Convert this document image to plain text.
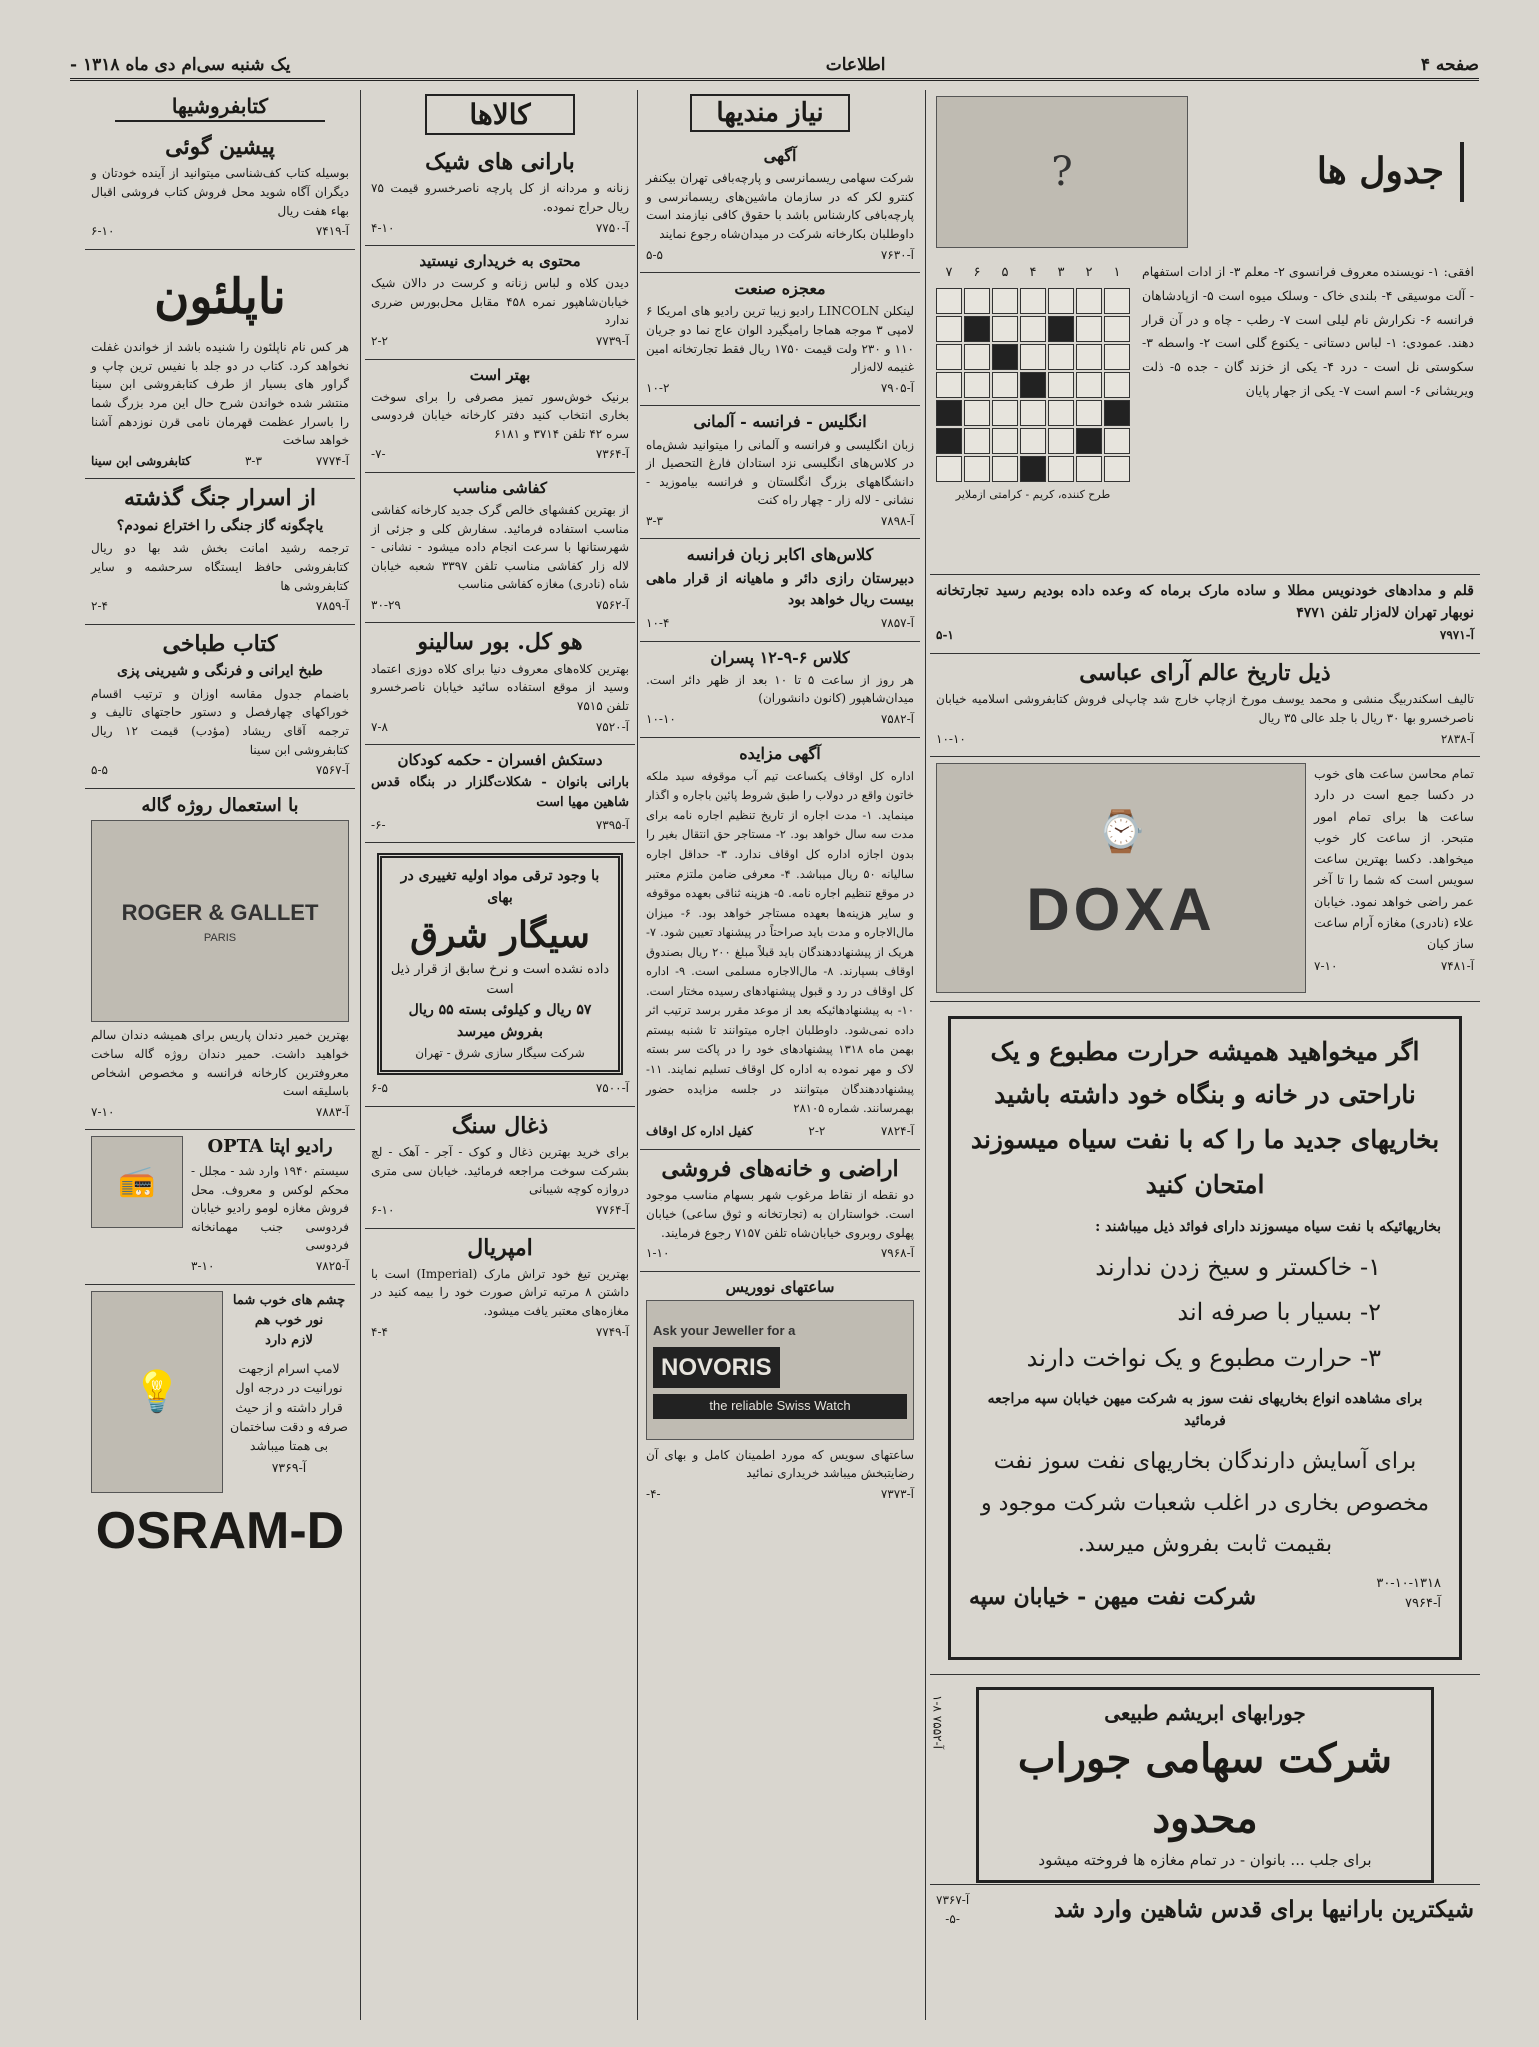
صفحه ۴
اطلاعات
یک شنبه سی‌ام دی ماه ۱۳۱۸ -
جدول ها
?
افقی: ۱- نویسنده معروف فرانسوی ۲- معلم ۳- از ادات استفهام - آلت موسیقی ۴- بلندی خاک - وسلک میوه است ۵- ازپادشاهان فرانسه ۶- نکرارش نام لیلی است ۷- رطب - چاه و در آن قرار دهند. عمودی: ۱- لباس دستانی - یکنوع گلی است ۲- واسطه ۳- سکوستی نل است - درد ۴- یکی از خزند گان - جده ۵- ذلت ویریشانی ۶- اسم است ۷- یکی از جهار پایان
۷	۶	۵	۴	۳	۲	۱
طرح کننده، کریم - کرامتی ازملایر

قلم و مدادهای خودنویس مطلا و ساده مارک برماه که وعده داده بودیم رسید تجارتخانه نوبهار تهران لاله‌زار تلفن ۴۷۷۱

آ-۷۹۷۱
۵-۱
ذیل تاریخ عالم آرای عباسی

تالیف اسکندربیگ منشی و محمد یوسف مورخ ازچاپ خارج شد چاپ‌لی فروش کتابفروشی اسلامیه خیابان ناصرخسرو بها ۳۰ ریال با جلد عالی ۳۵ ریال

آ-۲۸۳۸
۱۰-۱۰

تمام محاسن ساعت های خوب در دکسا جمع است در دارد ساعت ها برای تمام امور متبحر. از ساعت کار خوب میخواهد. دکسا بهترین ساعت سویس است که شما را تا آخر عمر راضی خواهد نمود. خیابان علاء (نادری) مغازه آرام ساعت ساز کیان

آ-۷۴۸۱
۷-۱۰
⌚
DOXA
اگر میخواهید همیشه حرارت مطبوع و یک
ناراحتی در خانه و بنگاه خود داشته باشید
بخاریهای جدید ما را که با نفت سیاه میسوزند
امتحان کنید
بخاریهائیکه با نفت سیاه میسوزند دارای فوائد ذیل میباشند :
۱- خاکستر و سیخ زدن ندارند
۲- بسیار با صرفه اند
۳- حرارت مطبوع و یک نواخت دارند
برای مشاهده انواع بخاریهای نفت سوز به شرکت میهن خیابان سپه مراجعه فرمائید
برای آسایش دارندگان بخاریهای نفت سوز نفت مخصوص بخاری در اغلب شعبات شرکت موجود و بقیمت ثابت بفروش میرسد.
۳۰-۱۰-۱۳۱۸
آ-۷۹۶۴
شرکت نفت میهن - خیابان سپه
آ-۷۵۵۲ ۸-۱	جورابهای ابریشم طبیعی
شرکت سهامی جوراب محدود
برای جلب ... بانوان - در تمام مغازه ها فروخته میشود
شیکترین بارانیها برای قدس شاهین وارد شد
آ-۷۳۶۷
-۵-
نیاز مندیها
آگهی

شرکت سهامی ریسمانرسی و پارچه‌بافی تهران بیکنفر کنترو لکر که در سازمان ماشین‌های ریسمانرسی و پارچه‌بافی کارشناس باشد با حقوق کافی نیازمند است داوطلبان بکارخانه شرکت در میدان‌شاه رجوع نمایند

آ-۷۶۳۰
۵-۵
معجزه صنعت

لینکلن LINCOLN رادیو زیبا ترین رادیو های امریکا ۶ لامپی ۳ موجه هماجا رامیگیرد الوان عاج نما دو جریان ۱۱۰ و ۲۳۰ ولت قیمت ۱۷۵۰ ریال فقط تجارتخانه امین غنیمه لاله‌زار

آ-۷۹۰۵
۱۰-۲
انگلیس - فرانسه - آلمانی

زبان انگلیسی و فرانسه و آلمانی را میتوانید شش‌ماه در کلاس‌های انگلیسی نزد استادان فارغ التحصیل از دانشگاههای بزرگ انگلستان و فرانسه بیاموزید - نشانی - لاله زار - چهار راه کنت

آ-۷۸۹۸
۳-۳
کلاس‌های اکابر زبان فرانسه

دبیرستان رازی دائر و ماهیانه از قرار ماهی بیست ریال خواهد بود

آ-۷۸۵۷
۱۰-۴
کلاس ۶-۹-۱۲ پسران

هر روز از ساعت ۵ تا ۱۰ بعد از ظهر دائر است. میدان‌شاهپور (کانون دانشوران)

آ-۷۵۸۲
۱۰-۱۰
آگهی مزایده

اداره کل اوقاف یکساعت تیم آب موقوفه سید ملکه خاتون واقع در دولاب را طبق شروط پائین باجاره و اگذار مینماید. ۱- مدت اجاره از تاریخ تنظیم اجاره نامه برای مدت سه سال خواهد بود. ۲- مستاجر حق انتقال بغیر را بدون اجازه اداره کل اوقاف ندارد. ۳- حداقل اجاره سالیانه ۵۰ ریال میباشد. ۴- معرفی ضامن ملتزم معتبر در موقع تنظیم اجاره نامه. ۵- هزینه ثناقی بعهده موقوفه و سایر هزینه‌ها بعهده مستاجر خواهد بود. ۶- میزان مال‌الاجاره و مدت باید صراحتاً در پیشنهاد تعیین شود. ۷- هریک از پیشنهاددهندگان باید قبلاً مبلغ ۲۰۰ ریال بصندوق اوقاف بسپارند. ۸- مال‌الاجاره مسلمی است. ۹- اداره کل اوقاف در رد و قبول پیشنهادهای رسیده مختار است. ۱۰- به پیشنهادهائیکه بعد از موعد مقرر برسد ترتیب اثر داده نمی‌شود. داوطلبان اجاره میتوانند تا شنبه بیستم بهمن ماه ۱۳۱۸ پیشنهادهای خود را در پاکت سر بسته لاک و مهر نموده به اداره کل اوقاف تسلیم نمایند. ۱۱- پیشنهاددهندگان میتوانند در جلسه مزایده حضور بهمرسانند. شماره ۲۸۱۰۵

آ-۷۸۲۴
۲-۲
کفیل اداره کل اوقاف
اراضی و خانه‌های فروشی

دو نقطه از نقاط مرغوب شهر بسهام مناسب موجود است. خواستاران به (تجارتخانه و ثوق ساعی) خیابان پهلوی روبروی خیابان‌شاه تلفن ۷۱۵۷ رجوع فرمایند.

آ-۷۹۶۸
۱-۱۰
ساعتهای نووریس
Ask your Jeweller for a
NOVORIS
the reliable Swiss Watch

ساعتهای سویس که مورد اطمینان کامل و بهای آن رضایتبخش میباشد خریداری نمائید

آ-۷۳۷۳
-۴-
کالاها
بارانی های شیک

زنانه و مردانه از کل پارچه ناصرخسرو قیمت ۷۵ ریال حراج نموده.

آ-۷۷۵۰
۴-۱۰
محتوی به خریداری نیستید

دیدن کلاه و لباس زنانه و کرست در دالان شیک خیابان‌شاهپور نمره ۴۵۸ مقابل محل‌بورس ضرری ندارد

آ-۷۷۳۹
۲-۲
بهتر است

برنیک خوش‌سور تمیز مصرفی را برای سوخت بخاری انتخاب کنید دفتر کارخانه خیابان فردوسی سره ۴۲ تلفن ۳۷۱۴ و ۶۱۸۱

آ-۷۳۶۴
-۷-
کفاشی مناسب

از بهترین کفشهای خالص گرک جدید کارخانه کفاشی مناسب استفاده فرمائید. سفارش کلی و جزئی از شهرستانها با سرعت انجام داده میشود - نشانی - لاله زار کفاشی مناسب تلفن ۳۳۹۷ شعبه خیابان شاه (نادری) مغازه کفاشی مناسب

آ-۷۵۶۲
۳۰-۲۹
هو کل. بور سالینو

بهترین کلاه‌های معروف دنیا برای کلاه دوزی اعتماد وسید از موقع استفاده سائید خیابان ناصرخسرو تلفن ۷۵۱۵

آ-۷۵۲۰
۷-۸
دستکش افسران - حکمه کودکان

بارانی بانوان - شکلات‌گلزار در بنگاه قدس شاهین مهیا است

آ-۷۳۹۵
-۶-
با وجود ترقی مواد اولیه تغییری در بهای
سیگار شرق
داده نشده است و نرخ سابق از قرار ذیل است
۵۷ ریال و کیلوئی بسته ۵۵ ریال بفروش میرسد
شرکت سیگار سازی شرق - تهران
آ-۷۵۰۰
۶-۵
ذغال سنگ

برای خرید بهترین ذغال و کوک - آجر - آهک - لچ بشرکت سوخت مراجعه فرمائید. خیابان سی متری دروازه کوچه شیبانی

آ-۷۷۶۴
۶-۱۰
امپریال

بهترین تیغ خود تراش مارک (Imperial) است با داشتن ۸ مرتبه تراش صورت خود را بیمه کنید در مغازه‌های معتبر یافت میشود.

آ-۷۷۴۹
۴-۴
کتابفروشیها
پیشین گوئی

بوسیله کتاب کف‌شناسی میتوانید از آینده خودتان و دیگران آگاه شوید محل فروش کتاب فروشی اقبال بهاء هفت ریال

آ-۷۴۱۹
۶-۱۰
ناپلئون

هر کس نام ناپلئون را شنیده باشد از خواندن غفلت نخواهد کرد. کتاب در دو جلد با نفیس ترین چاپ و گراور های بسیار از طرف کتابفروشی ابن سینا منتشر شده خواندن شرح حال این مرد بزرگ شما را باسرار عظمت قهرمان نامی قرن نوزدهم آشنا خواهد ساخت

آ-۷۷۷۴
۳-۳
کتابفروشی ابن سینا
از اسرار جنگ گذشته

یاچگونه گاز جنگی را اختراع نمودم؟

ترجمه رشید امانت بخش شد بها دو ریال کتابفروشی حافظ ایستگاه سرحشمه و سایر کتابفروشی ها

آ-۷۸۵۹
۲-۴
کتاب طباخی

طبخ ایرانی و فرنگی و شیرینی پزی

باضمام جدول مقاسه اوزان و ترتیب اقسام خوراکهای چهارفصل و دستور حاجتهای تالیف و ترجمه آقای ریشاد (مؤدب) قیمت ۱۲ ریال کتابفروشی ابن سینا

آ-۷۵۶۷
۵-۵
با استعمال روژه گاله
ROGER & GALLET
PARIS

بهترین خمیر دندان پاریس برای همیشه دندان سالم خواهید داشت. حمیر دندان روژه گاله ساخت معروفترین کارخانه فرانسه و مخصوص اشخاص باسلیقه است

آ-۷۸۸۳
۷-۱۰
رادیو اپتا OPTA

سیستم ۱۹۴۰ وارد شد - مجلل - محکم لوکس و معروف. محل فروش مغازه لومو رادیو خیابان فردوسی جنب مهمانخانه فردوسی

آ-۷۸۲۵
۳-۱۰
📻
چشم های خوب شما
نور خوب هم
لازم دارد

لامپ اسرام ازجهت نورانیت در درجه اول قرار داشته و از حیث صرفه و دقت ساختمان بی همتا میباشد

آ-۷۳۶۹
💡
OSRAM-D
